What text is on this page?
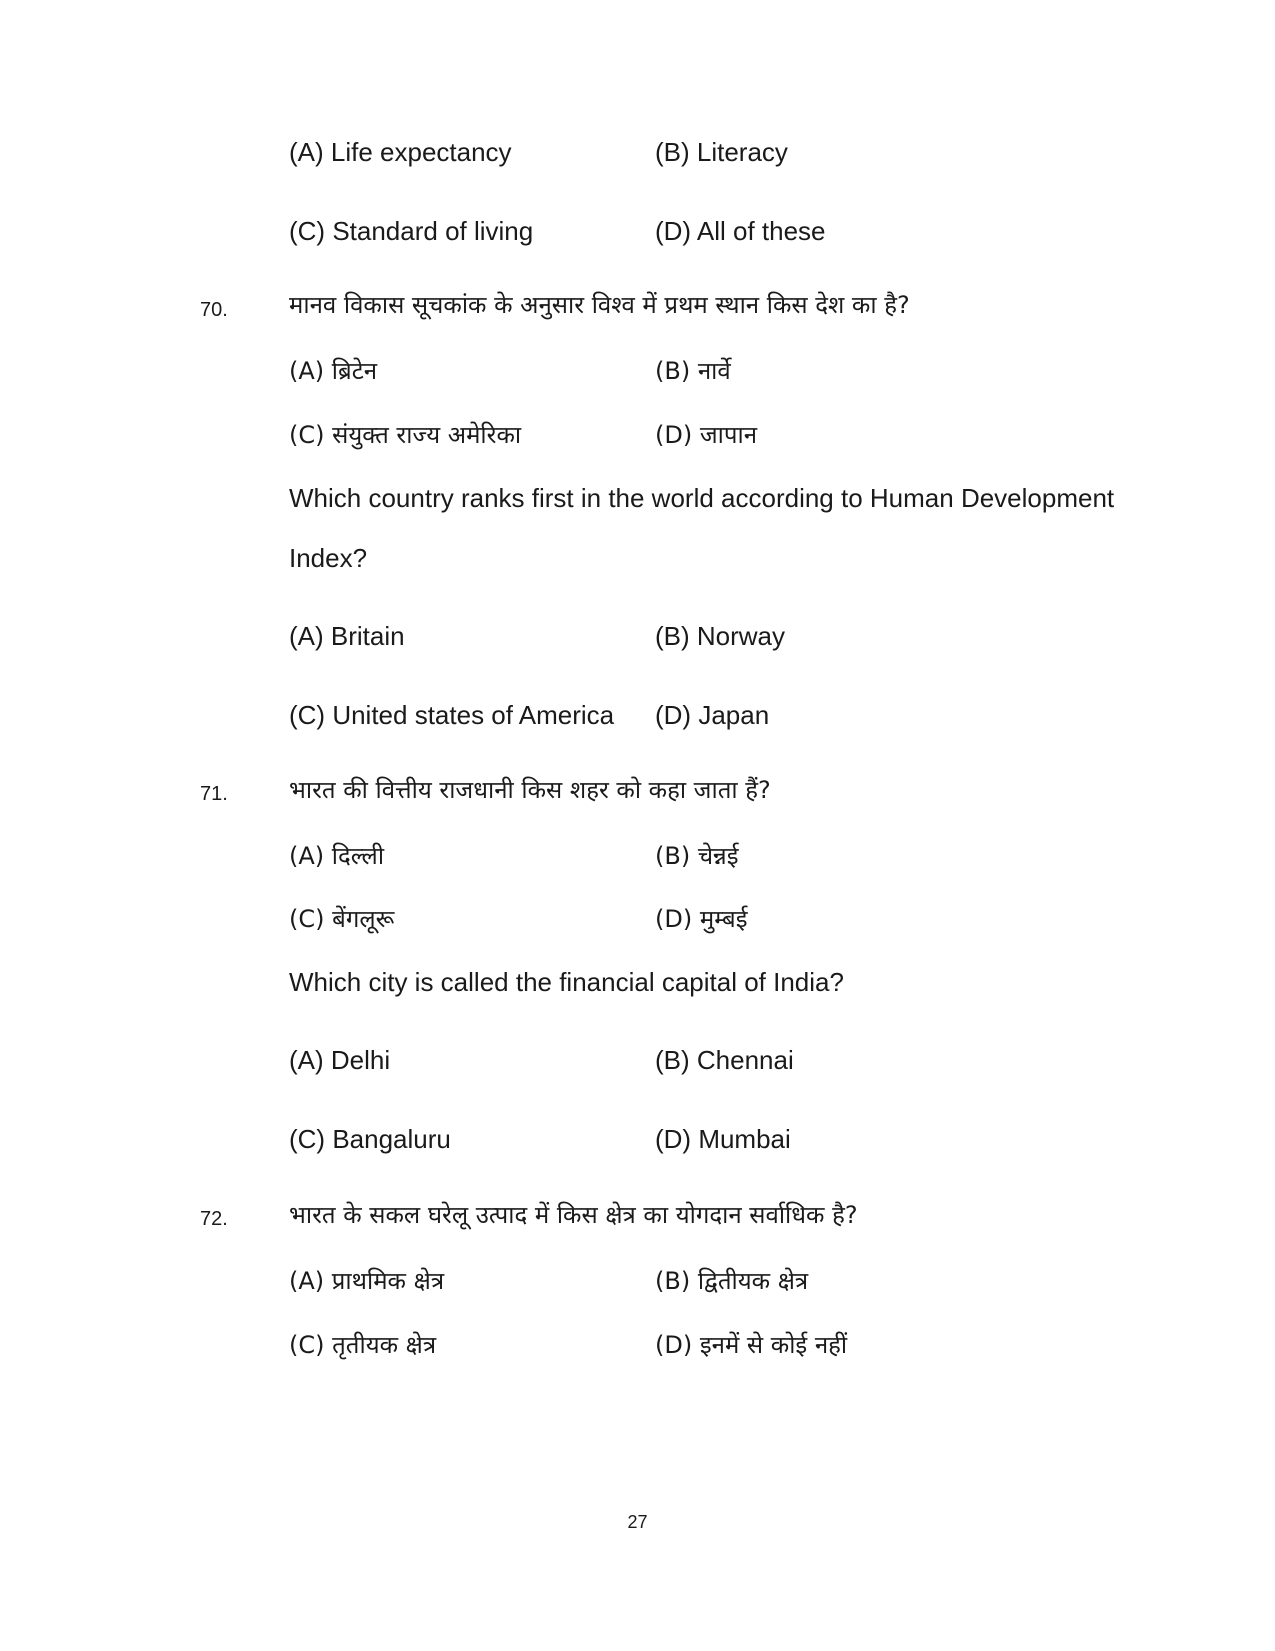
(A) Life expectancy	(B) Literacy
(C) Standard of living	(D) All of these
70.	मानव विकास सूचकांक के अनुसार विश्व में प्रथम स्थान किस देश का है?
(A) ब्रिटेन	(B) नार्वे
(C) संयुक्त राज्य अमेरिका	(D) जापान
Which country ranks first in the world according to Human Development
Index?
(A) Britain	(B) Norway
(C) United states of America (D) Japan
71.	भारत की वित्तीय राजधानी किस शहर को कहा जाता हैं?
(A) दिल्ली	(B) चेन्नई
(C) बेंगलूरू	(D) मुम्बई
Which city is called the financial capital of India?
(A) Delhi	(B) Chennai
(C) Bangaluru	(D) Mumbai
72.	भारत के सकल घरेलू उत्पाद में किस क्षेत्र का योगदान सर्वाधिक है?
(A) प्राथमिक क्षेत्र	(B) द्वितीयक क्षेत्र
(C) तृतीयक क्षेत्र	(D) इनमें से कोई नहीं
27
